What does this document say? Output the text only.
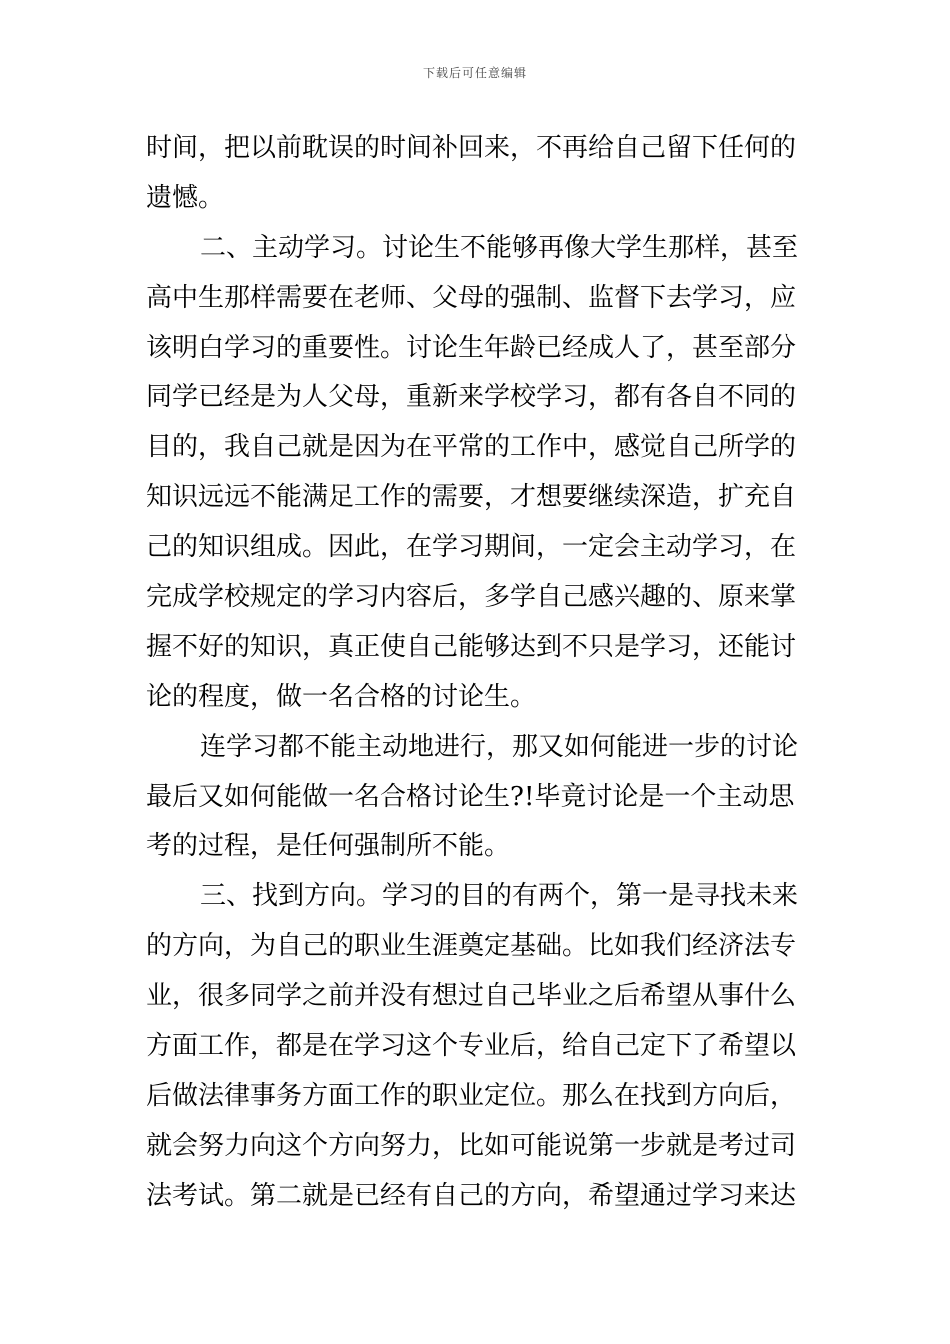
下载后可任意编辑
时间，把以前耽误的时间补回来，不再给自己留下任何的
遗憾。
二、主动学习。讨论生不能够再像大学生那样，甚至
高中生那样需要在老师、父母的强制、监督下去学习，应
该明白学习的重要性。讨论生年龄已经成人了，甚至部分
同学已经是为人父母，重新来学校学习，都有各自不同的
目的，我自己就是因为在平常的工作中，感觉自己所学的
知识远远不能满足工作的需要，才想要继续深造，扩充自
己的知识组成。因此，在学习期间，一定会主动学习，在
完成学校规定的学习内容后，多学自己感兴趣的、原来掌
握不好的知识，真正使自己能够达到不只是学习，还能讨
论的程度，做一名合格的讨论生。
连学习都不能主动地进行，那又如何能进一步的讨论
最后又如何能做一名合格讨论生?!毕竟讨论是一个主动思
考的过程，是任何强制所不能。
三、找到方向。学习的目的有两个，第一是寻找未来
的方向，为自己的职业生涯奠定基础。比如我们经济法专
业，很多同学之前并没有想过自己毕业之后希望从事什么
方面工作，都是在学习这个专业后，给自己定下了希望以
后做法律事务方面工作的职业定位。那么在找到方向后，
就会努力向这个方向努力，比如可能说第一步就是考过司
法考试。第二就是已经有自己的方向，希望通过学习来达
